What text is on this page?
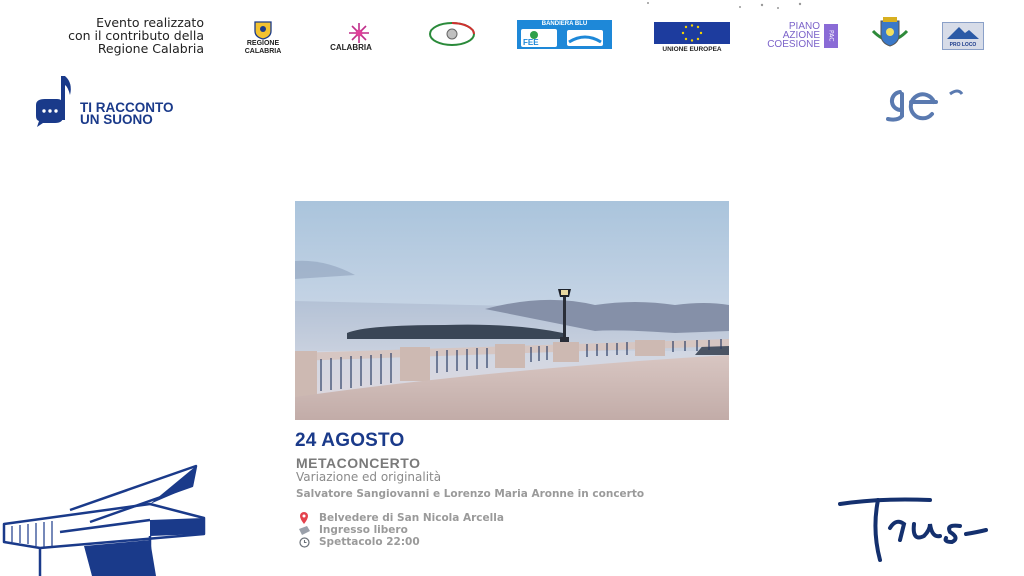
Evento realizzato
con il contributo della
Regione Calabria	REGIONE
CALABRIA	CALABRIA
BANDIERA BLU
FEE
UNIONE EUROPEA
PIANO
AZIONE
COESIONE
PAC
PRO LOCO
TI RACCONTO
UN SUONO
24 AGOSTO
METACONCERTO
Variazione ed originalità
Salvatore Sangiovanni e Lorenzo Maria Aronne in concerto
Belvedere di San Nicola Arcella
Ingresso libero
Spettacolo 22:00
